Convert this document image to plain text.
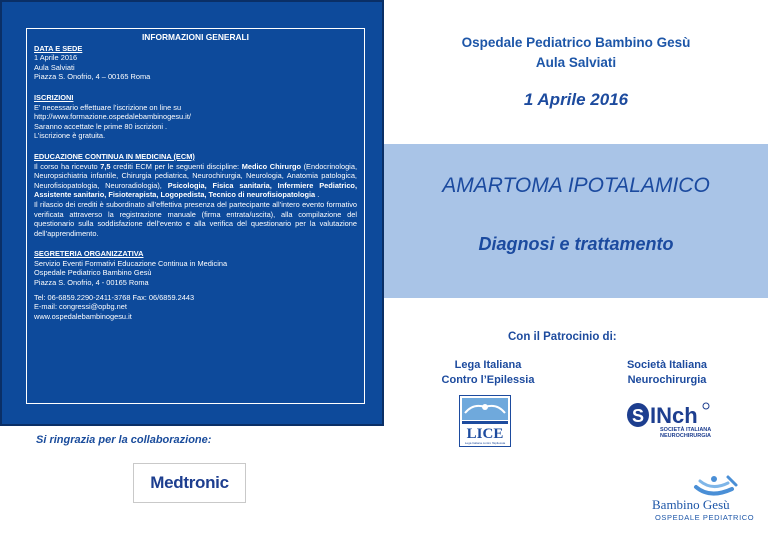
INFORMAZIONI GENERALI
DATA E SEDE
1 Aprile 2016
Aula Salviati
Piazza S. Onofrio, 4 – 00165 Roma
ISCRIZIONI
E’ necessario effettuare l’iscrizione on line su
http://www.formazione.ospedalebambinogesu.it/
Saranno accettate le prime 80 iscrizioni .
L’iscrizione è gratuita.
EDUCAZIONE CONTINUA IN MEDICINA (ECM)
Il corso ha ricevuto 7,5 crediti ECM per le seguenti discipline: Medico Chirurgo (Endocrinologia, Neuropsichiatria infantile, Chirurgia pediatrica, Neurochirurgia, Neurologia, Anatomia patologica, Neurofisiopatologia, Neuroradiologia), Psicologia, Fisica sanitaria, Infermiere Pediatrico, Assistente sanitario, Fisioterapista, Logopedista, Tecnico di neurofisiopatologia .
Il rilascio dei crediti è subordinato all’effettiva presenza del partecipante all’intero evento formativo verificata attraverso la registrazione manuale (firma entrata/uscita), alla compilazione del questionario sulla soddisfazione dell’evento e alla verifica del questionario per la valutazione dell’apprendimento.
SEGRETERIA ORGANIZZATIVA
Servizio Eventi Formativi Educazione Continua in Medicina
Ospedale Pediatrico Bambino Gesù
Piazza S. Onofrio, 4 - 00165 Roma
Tel: 06-6859.2290-2411-3768 Fax: 06/6859.2443
E-mail: congressi@opbg.net
www.ospedalebambinogesu.it
Si ringrazia per la collaborazione:
Medtronic
Ospedale Pediatrico Bambino Gesù
Aula Salviati
1 Aprile 2016
AMARTOMA IPOTALAMICO
Diagnosi e trattamento
Con il Patrocinio di:
Lega Italiana
Contro l’Epilessia
Società Italiana
Neurochirurgia
LICE
Lega Italiana contro l'Epilessia
S INch
SOCIETÀ ITALIANA
NEUROCHIRURGIA
Bambino Gesù
OSPEDALE PEDIATRICO
